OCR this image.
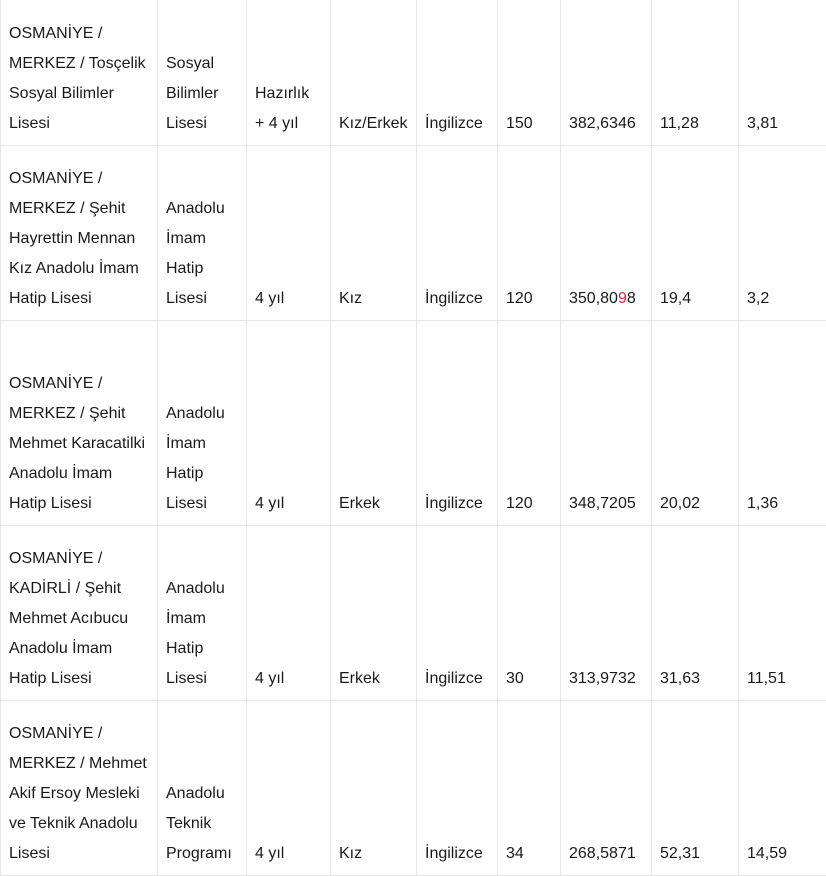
OSMANİYE / MERKEZ / Tosçelik Sosyal Bilimler Lisesi	Sosyal Bilimler Lisesi	Hazırlık + 4 yıl	Kız/Erkek	İngilizce	150	382,6346	11,28	3,81
OSMANİYE / MERKEZ / Şehit Hayrettin Mennan Kız Anadolu İmam Hatip Lisesi	Anadolu İmam Hatip Lisesi	4 yıl	Kız	İngilizce	120	350,8098	19,4	3,2
OSMANİYE / MERKEZ / Şehit Mehmet Karacatilki Anadolu İmam Hatip Lisesi	Anadolu İmam Hatip Lisesi	4 yıl	Erkek	İngilizce	120	348,7205	20,02	1,36
OSMANİYE / KADİRLİ / Şehit Mehmet Acıbucu Anadolu İmam Hatip Lisesi	Anadolu İmam Hatip Lisesi	4 yıl	Erkek	İngilizce	30	313,9732	31,63	11,51
OSMANİYE / MERKEZ / Mehmet Akif Ersoy Mesleki ve Teknik Anadolu Lisesi	Anadolu Teknik Programı	4 yıl	Kız	İngilizce	34	268,5871	52,31	14,59
